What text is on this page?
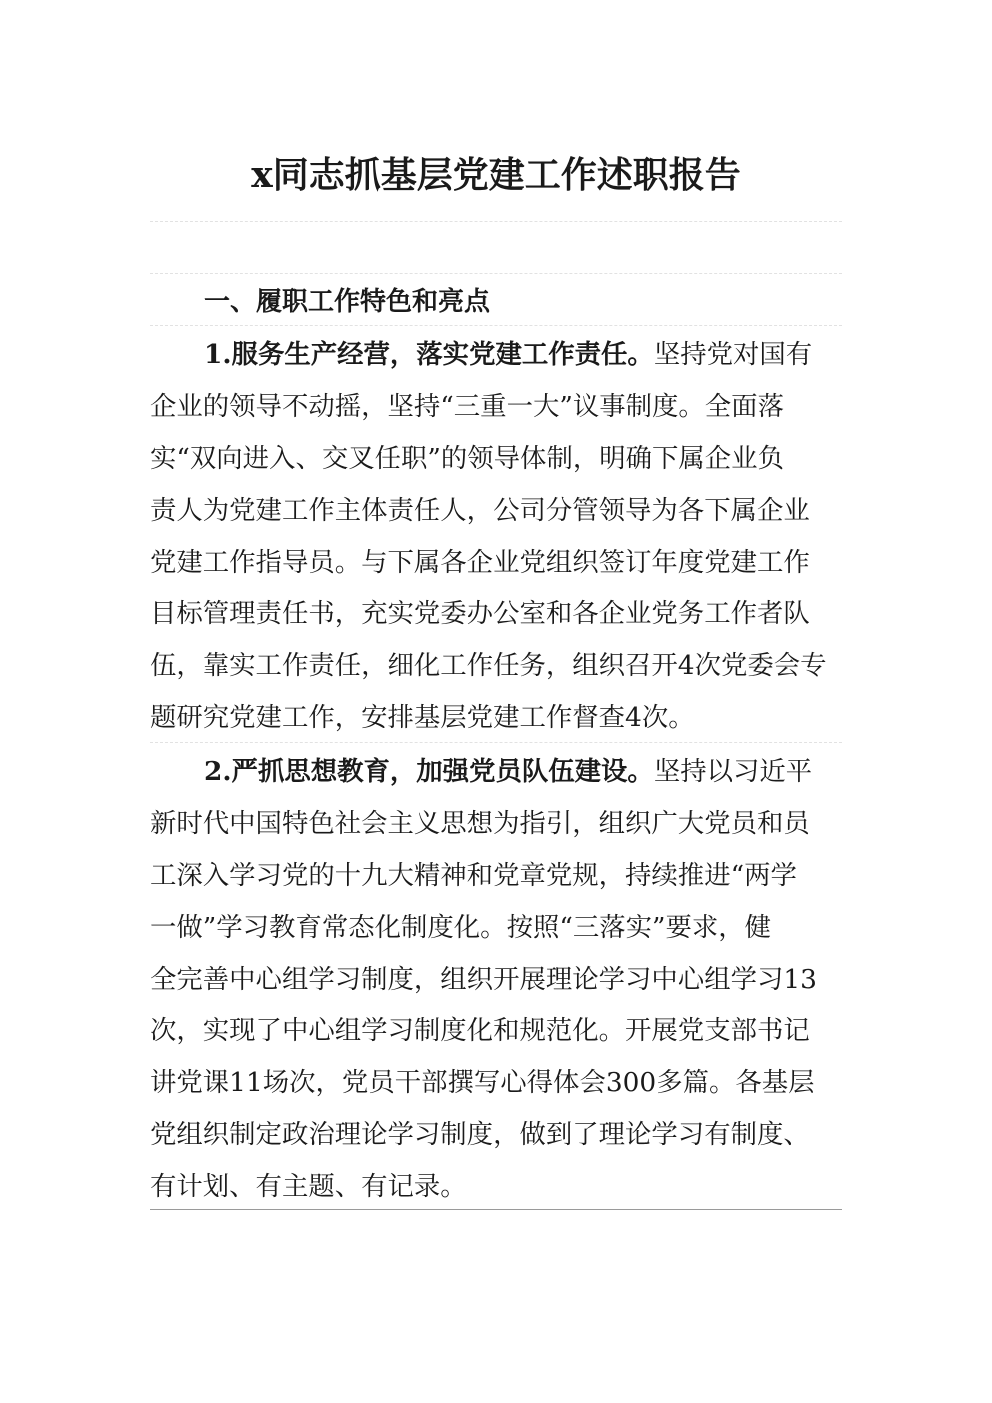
x同志抓基层党建工作述职报告
一、履职工作特色和亮点
1.服务生产经营，落实党建工作责任。坚持党对国有
企业的领导不动摇，坚持“三重一大”议事制度。全面落
实“双向进入、交叉任职”的领导体制，明确下属企业负
责人为党建工作主体责任人，公司分管领导为各下属企业
党建工作指导员。与下属各企业党组织签订年度党建工作
目标管理责任书，充实党委办公室和各企业党务工作者队
伍，靠实工作责任，细化工作任务，组织召开4次党委会专
题研究党建工作，安排基层党建工作督查4次。
2.严抓思想教育，加强党员队伍建设。坚持以习近平
新时代中国特色社会主义思想为指引，组织广大党员和员
工深入学习党的十九大精神和党章党规，持续推进“两学
一做”学习教育常态化制度化。按照“三落实”要求，健
全完善中心组学习制度，组织开展理论学习中心组学习13
次，实现了中心组学习制度化和规范化。开展党支部书记
讲党课11场次，党员干部撰写心得体会300多篇。各基层
党组织制定政治理论学习制度，做到了理论学习有制度、
有计划、有主题、有记录。
